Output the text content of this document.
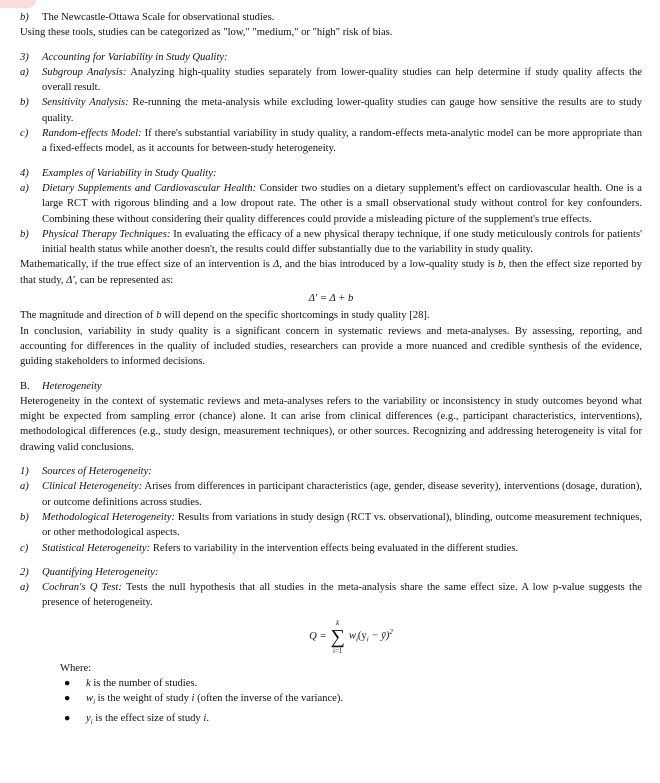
b) The Newcastle-Ottawa Scale for observational studies.

Using these tools, studies can be categorized as "low," "medium," or "high" risk of bias.

3) Accounting for Variability in Study Quality:
a) Subgroup Analysis: Analyzing high-quality studies separately from lower-quality studies can help determine if study quality affects the overall result.
b) Sensitivity Analysis: Re-running the meta-analysis while excluding lower-quality studies can gauge how sensitive the results are to study quality.
c) Random-effects Model: If there's substantial variability in study quality, a random-effects meta-analytic model can be more appropriate than a fixed-effects model, as it accounts for between-study heterogeneity.
4) Examples of Variability in Study Quality:
a) Dietary Supplements and Cardiovascular Health: Consider two studies on a dietary supplement's effect on cardiovascular health. One is a large RCT with rigorous blinding and a low dropout rate. The other is a small observational study without control for key confounders. Combining these without considering their quality differences could provide a misleading picture of the supplement's true effects.
b) Physical Therapy Techniques: In evaluating the efficacy of a new physical therapy technique, if one study meticulously controls for patients' initial health status while another doesn't, the results could differ substantially due to the variability in study quality.

Mathematically, if the true effect size of an intervention is Δ, and the bias introduced by a low-quality study is b, then the effect size reported by that study, Δ′, can be represented as:

Δ′ = Δ + b

The magnitude and direction of b will depend on the specific shortcomings in study quality [28].

In conclusion, variability in study quality is a significant concern in systematic reviews and meta-analyses. By assessing, reporting, and accounting for differences in the quality of included studies, researchers can provide a more nuanced and credible synthesis of the evidence, guiding stakeholders to informed decisions.

B. Heterogeneity

Heterogeneity in the context of systematic reviews and meta-analyses refers to the variability or inconsistency in study outcomes beyond what might be expected from sampling error (chance) alone. It can arise from clinical differences (e.g., participant characteristics, interventions), methodological differences (e.g., study design, measurement techniques), or other sources. Recognizing and addressing heterogeneity is vital for drawing valid conclusions.

1) Sources of Heterogeneity:
a) Clinical Heterogeneity: Arises from differences in participant characteristics (age, gender, disease severity), interventions (dosage, duration), or outcome definitions across studies.
b) Methodological Heterogeneity: Results from variations in study design (RCT vs. observational), blinding, outcome measurement techniques, or other methodological aspects.
c) Statistical Heterogeneity: Refers to variability in the intervention effects being evaluated in the different studies.
2) Quantifying Heterogeneity:
a) Cochran's Q Test: Tests the null hypothesis that all studies in the meta-analysis share the same effect size. A low p-value suggests the presence of heterogeneity.
Q =
k
∑
i=1
$w_i(y_i$ − ȳ)$^2$
Where:
● k is the number of studies.
● $w_i$ is the weight of study i (often the inverse of the variance).
● $y_i$ is the effect size of study i.
